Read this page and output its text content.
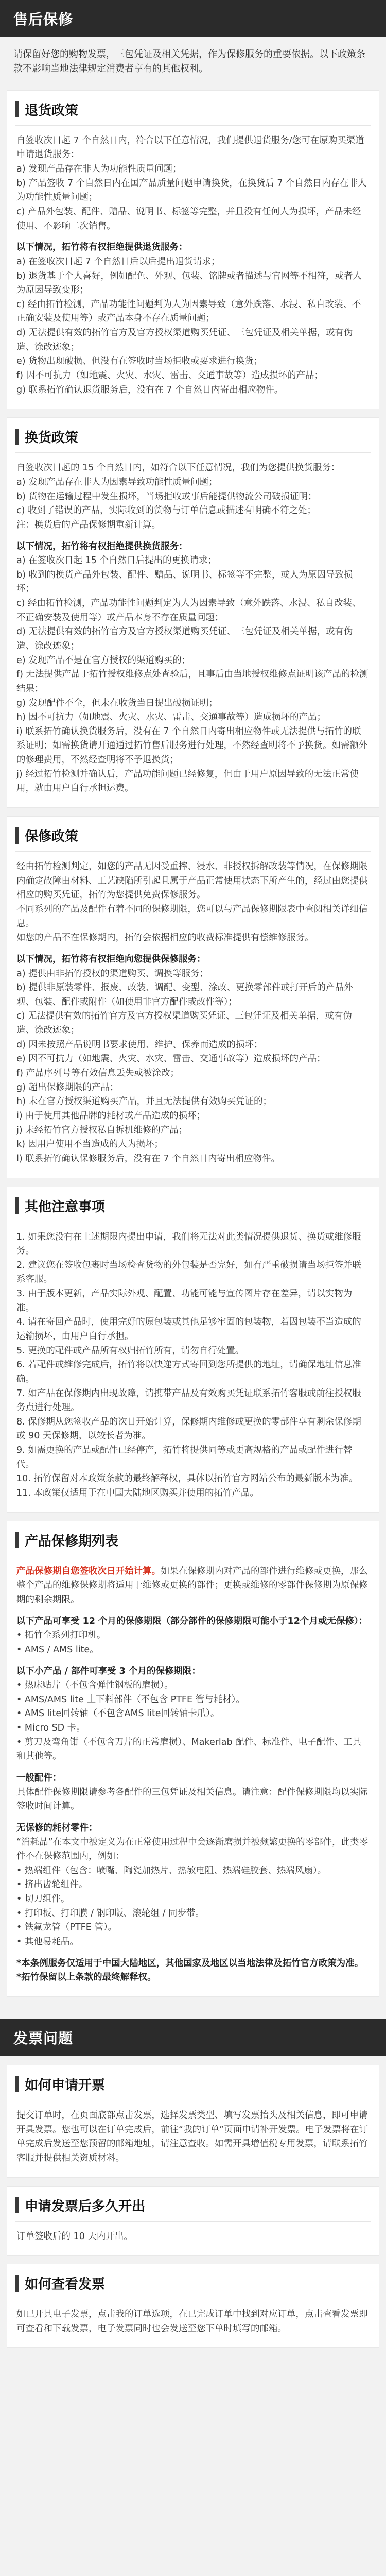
售后保修
请保留好您的购物发票，三包凭证及相关凭据，作为保修服务的重要依据。以下政策条款不影响当地法律规定消费者享有的其他权利。
退货政策
自签收次日起 7 个自然日内，符合以下任意情况，我们提供退货服务/您可在原购买渠道申请退货服务：
a) 发现产品存在非人为功能性质量问题；
b) 产品签收 7 个自然日内在国产品质量问题申请换货，在换货后 7 个自然日内存在非人为功能性质量问题；
c) 产品外包装、配件、赠品、说明书、标签等完整，并且没有任何人为损坏，产品未经使用、不影响二次销售。
以下情况，拓竹将有权拒绝提供退货服务：
a) 在签收次日起 7 个自然日后以后提出退货请求；
b) 退货基于个人喜好，例如配色、外观、包装、铭牌或者描述与官网等不相符，或者人为原因导致变形；
c) 经由拓竹检测，产品功能性问题判为人为因素导致（意外跌落、水浸、私自改装、不正确安装及使用等）或产品本身不存在质量问题；
d) 无法提供有效的拓竹官方及官方授权渠道购买凭证、三包凭证及相关单据，或有伪造、涂改迹象；
e) 货物出现破损、但没有在签收时当场拒收或要求进行换货；
f) 因不可抗力（如地震、火灾、水灾、雷击、交通事故等）造成损坏的产品；
g) 联系拓竹确认退货服务后，没有在 7 个自然日内寄出相应物件。
换货政策
自签收次日起的 15 个自然日内，如符合以下任意情况，我们为您提供换货服务：
a) 发现产品存在非人为因素导致功能性质量问题；
b) 货物在运输过程中发生损坏，当场拒收或事后能提供物流公司破损证明；
c) 收到了错误的产品，实际收到的货物与订单信息或描述有明确不符之处；
注：换货后的产品保修期重新计算。
以下情况，拓竹将有权拒绝提供换货服务：
a) 在签收次日起 15 个自然日后提出的更换请求；
b) 收到的换货产品外包装、配件、赠品、说明书、标签等不完整，或人为原因导致损坏；
c) 经由拓竹检测，产品功能性问题判定为人为因素导致（意外跌落、水浸、私自改装、不正确安装及使用等）或产品本身不存在质量问题；
d) 无法提供有效的拓竹官方及官方授权渠道购买凭证、三包凭证及相关单据，或有伪造、涂改迹象；
e) 发现产品不是在官方授权的渠道购买的；
f) 无法提供产品于拓竹授权维修点处查验后，且事后由当地授权维修点证明该产品的检测结果；
g) 发现配件不全，但未在收货当日提出破损证明；
h) 因不可抗力（如地震、火灾、水灾、雷击、交通事故等）造成损坏的产品；
i) 联系拓竹确认换货服务后，没有在 7 个自然日内寄出相应物件或无法提供与拓竹的联系证明；如需换货请开通通过拓竹售后服务进行处理，不然经查明将不予换货。如需额外的修理费用，不然经查明将不予退换货；
j) 经过拓竹检测并确认后，产品功能问题已经修复，但由于用户原因导致的无法正常使用，就由用户自行承担运费。
保修政策
经由拓竹检测判定，如您的产品无因受重摔、浸水、非授权拆解改装等情况，在保修期限内确定故障由材料、工艺缺陷所引起且属于产品正常使用状态下所产生的，经过由您提供相应的购买凭证，拓竹为您提供免费保修服务。
不同系列的产品及配件有着不同的保修期限，您可以与产品保修期限表中查阅相关详细信息。
如您的产品不在保修期内，拓竹会依据相应的收费标准提供有偿维修服务。
以下情况，拓竹将有权拒绝向您提供保修服务：
a) 提供由非拓竹授权的渠道购买、调换等服务；
b) 提供非原装零件、报废、改装、调配、变型、涂改、更换零部件或打开后的产品外观、包装、配件或附件（如使用非官方配件或改件等）；
c) 无法提供有效的拓竹官方及官方授权渠道购买凭证、三包凭证及相关单据，或有伪造、涂改迹象；
d) 因未按照产品说明书要求使用、维护、保养而造成的损坏；
e) 因不可抗力（如地震、火灾、水灾、雷击、交通事故等）造成损坏的产品；
f) 产品序列号等有效信息丢失或被涂改；
g) 超出保修期限的产品；
h) 未在官方授权渠道购买产品，并且无法提供有效购买凭证的；
i) 由于使用其他品牌的耗材或产品造成的损坏；
j) 未经拓竹官方授权私自拆机维修的产品；
k) 因用户使用不当造成的人为损坏；
l) 联系拓竹确认保修服务后，没有在 7 个自然日内寄出相应物件。
其他注意事项
1. 如果您没有在上述期限内提出申请，我们将无法对此类情况提供退货、换货或维修服务。
2. 建议您在签收包裹时当场检查货物的外包装是否完好，如有严重破损请当场拒签并联系客服。
3. 由于版本更新，产品实际外观、配置、功能可能与宣传图片存在差异，请以实物为准。
4. 请在寄回产品时，使用完好的原包装或其他足够牢固的包装物，若因包装不当造成的运输损坏，由用户自行承担。
5. 更换的配件或产品所有权归拓竹所有，请勿自行处置。
6. 若配件或维修完成后，拓竹将以快递方式寄回到您所提供的地址，请确保地址信息准确。
7. 如产品在保修期内出现故障，请携带产品及有效购买凭证联系拓竹客服或前往授权服务点进行处理。
8. 保修期从您签收产品的次日开始计算，保修期内维修或更换的零部件享有剩余保修期或 90 天保修期，以较长者为准。
9. 如需更换的产品或配件已经停产，拓竹将提供同等或更高规格的产品或配件进行替代。
10. 拓竹保留对本政策条款的最终解释权，具体以拓竹官方网站公布的最新版本为准。
11. 本政策仅适用于在中国大陆地区购买并使用的拓竹产品。
产品保修期列表
产品保修期自您签收次日开始计算。如果在保修期内对产品的部件进行维修或更换，那么整个产品的维修保修期将适用于维修或更换的部件；更换或维修的零部件保修期为原保修期的剩余期限。
以下产品可享受 12 个月的保修期限（部分部件的保修期限可能小于12个月或无保修）：
• 拓竹全系列打印机。
• AMS / AMS lite。
以下小产品 / 部件可享受 3 个月的保修期限：
• 热床贴片（不包含弹性钢板的磨损）。
• AMS/AMS lite 上下料部件（不包含 PTFE 管与耗材）。
• AMS lite回转轴（不包含AMS lite回转轴卡爪）。
• Micro SD 卡。
• 剪刀及弯角钳（不包含刀片的正常磨损）、Makerlab 配件、标准件、电子配件、工具和其他等。
一般配件：
具体配件保修期限请参考各配件的三包凭证及相关信息。请注意：配件保修期限均以实际签收时间计算。
无保修的耗材零件：
“消耗品”在本文中被定义为在正常使用过程中会逐渐磨损并被频繁更换的零部件，此类零件不在保修范围内，例如：
• 热端组件（包含：喷嘴、陶瓷加热片、热敏电阻、热端硅胶套、热端风扇）。
• 挤出齿轮组件。
• 切刀组件。
• 打印板、打印膜 / 钢印版、滚轮组 / 同步带。
• 铁氟龙管（PTFE 管）。
• 其他易耗品。
*本条例服务仅适用于中国大陆地区，其他国家及地区以当地法律及拓竹官方政策为准。
*拓竹保留以上条款的最终解释权。
发票问题
如何申请开票
提交订单时，在页面底部点击发票，选择发票类型、填写发票抬头及相关信息，即可申请开具发票。您也可以在订单完成后，前往“我的订单”页面申请补开发票。电子发票将在订单完成后发送至您预留的邮箱地址，请注意查收。如需开具增值税专用发票，请联系拓竹客服并提供相关资质材料。
申请发票后多久开出
订单签收后的 10 天内开出。
如何查看发票
如已开具电子发票，点击我的订单选项，在已完成订单中找到对应订单，点击查看发票即可查看和下载发票，电子发票同时也会发送至您下单时填写的邮箱。
